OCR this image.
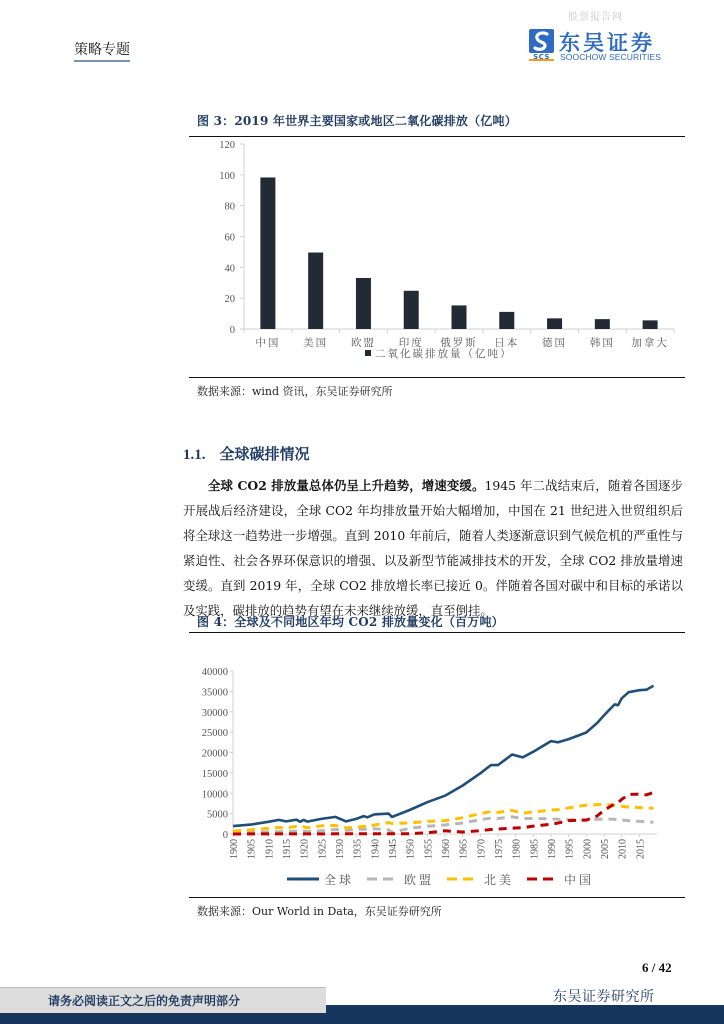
股票报告网
策略专题	SCS
东吴证券
SOOCHOW SECURITIES
图 3：2019 年世界主要国家或地区二氧化碳排放（亿吨）
0
20
40
60
80
100
120
中国 美国 欧盟 印度 俄罗斯 日本 德国 韩国 加拿大
二氧化碳排放量（亿吨）
数据来源：wind 资讯，东吴证券研究所
1.1. 全球碳排情况
全球 CO2 排放量总体仍呈上升趋势，增速变缓。1945 年二战结束后，随着各国逐步开展战后经济建设，全球 CO2 年均排放量开始大幅增加，中国在 21 世纪进入世贸组织后将全球这一趋势进一步增强。直到 2010 年前后，随着人类逐渐意识到气候危机的严重性与紧迫性、社会各界环保意识的增强、以及新型节能减排技术的开发，全球 CO2 排放量增速变缓。直到 2019 年，全球 CO2 排放增长率已接近 0。伴随着各国对碳中和目标的承诺以及实践，碳排放的趋势有望在未来继续放缓，直至倒挂。
图 4：全球及不同地区年均 CO2 排放量变化（百万吨）
0
5000
10000
15000
20000
25000
30000
35000
40000
1900 1905 1910 1915 1920 1925 1930 1935 1940 1945 1950 1955 1960 1965 1970 1975 1980 1985 1990 1995 2000 2005 2010 2015
全球	欧盟	北美	中国
数据来源：Our World in Data，东吴证券研究所
6 / 42
东吴证券研究所
请务必阅读正文之后的免责声明部分
